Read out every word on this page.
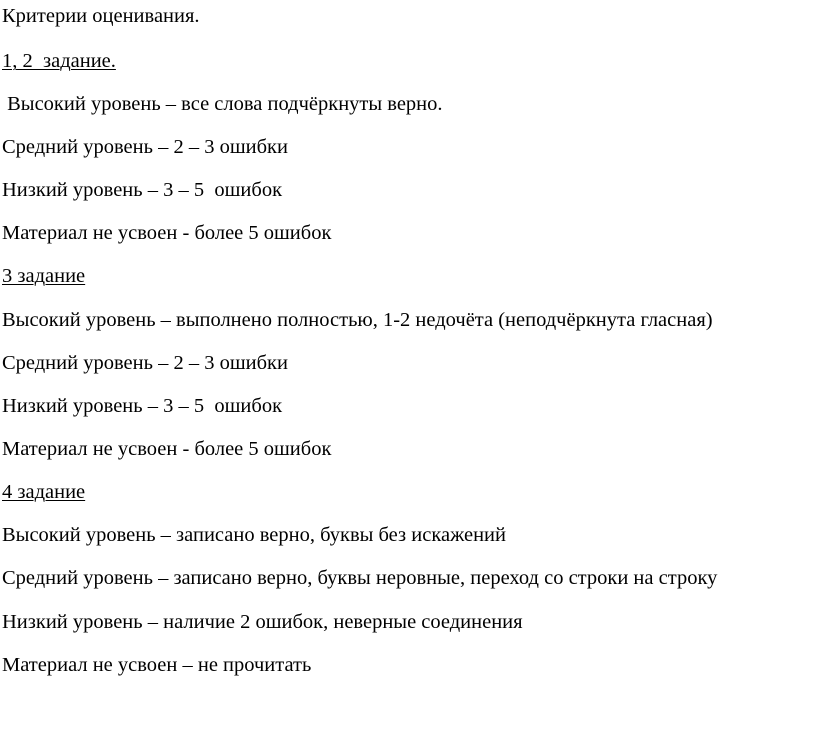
Критерии оценивания.
1, 2  задание.
Высокий уровень – все слова подчёркнуты верно.
Средний уровень – 2 – 3 ошибки
Низкий уровень – 3 – 5  ошибок
Материал не усвоен - более 5 ошибок
3 задание
Высокий уровень – выполнено полностью, 1-2 недочёта (неподчёркнута гласная)
Средний уровень – 2 – 3 ошибки
Низкий уровень – 3 – 5  ошибок
Материал не усвоен - более 5 ошибок
4 задание
Высокий уровень – записано верно, буквы без искажений
Средний уровень – записано верно, буквы неровные, переход со строки на строку
Низкий уровень – наличие 2 ошибок, неверные соединения
Материал не усвоен – не прочитать
